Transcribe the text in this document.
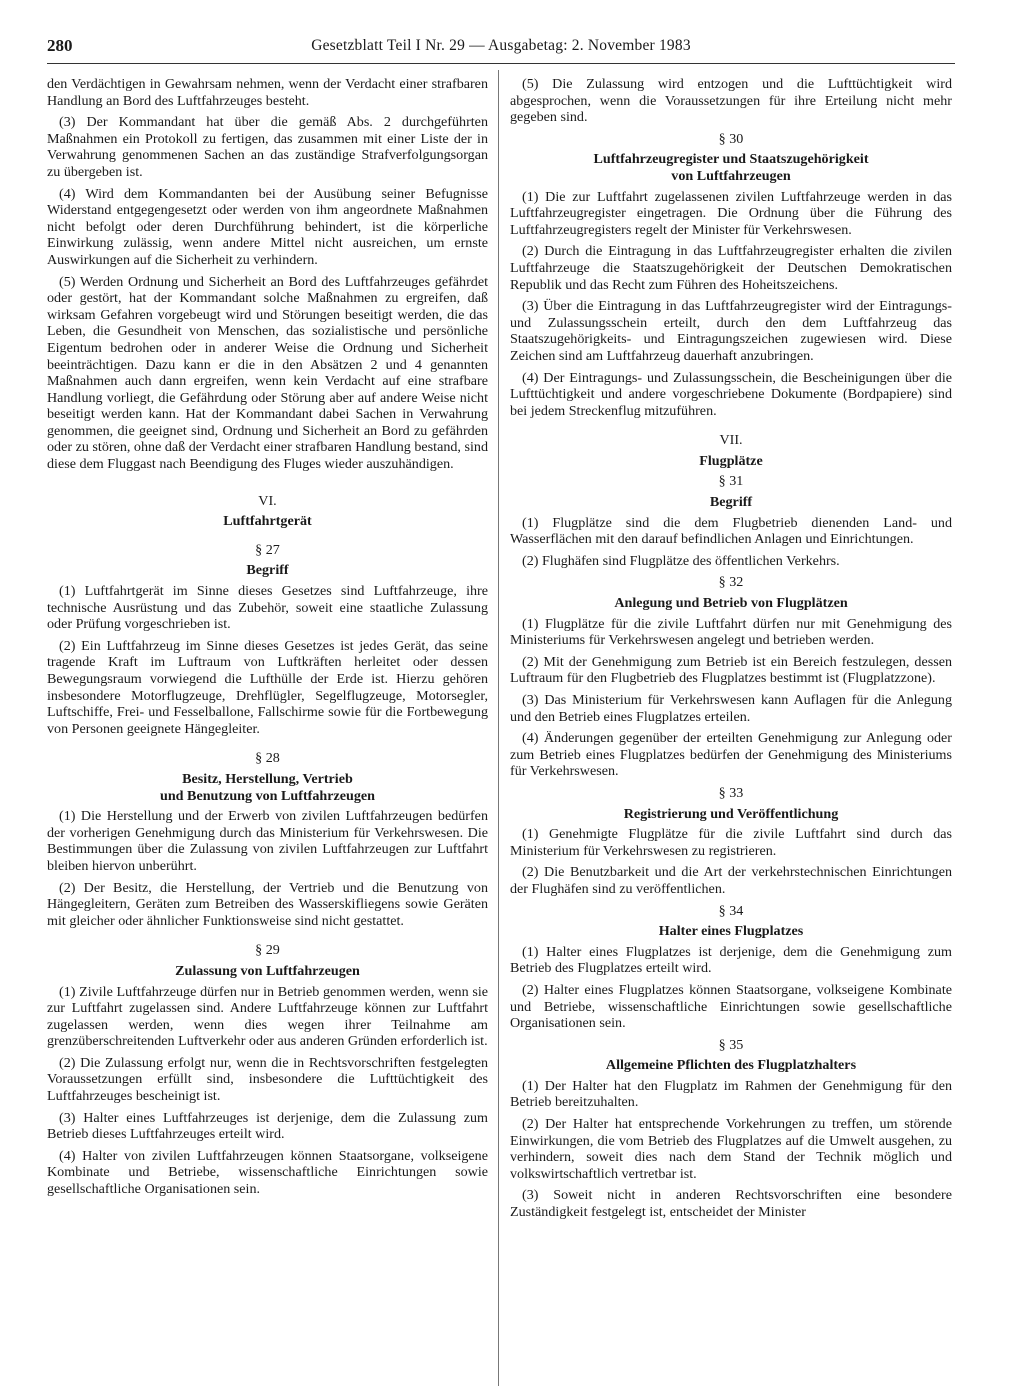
280	Gesetzblatt Teil I Nr. 29 — Ausgabetag: 2. November 1983

den Verdächtigen in Gewahrsam nehmen, wenn der Verdacht einer strafbaren Handlung an Bord des Luftfahrzeuges besteht.

(3) Der Kommandant hat über die gemäß Abs. 2 durchgeführten Maßnahmen ein Protokoll zu fertigen, das zusammen mit einer Liste der in Verwahrung genommenen Sachen an das zuständige Strafverfolgungsorgan zu übergeben ist.

(4) Wird dem Kommandanten bei der Ausübung seiner Befugnisse Widerstand entgegengesetzt oder werden von ihm angeordnete Maßnahmen nicht befolgt oder deren Durchführung behindert, ist die körperliche Einwirkung zulässig, wenn andere Mittel nicht ausreichen, um ernste Auswirkungen auf die Sicherheit zu verhindern.

(5) Werden Ordnung und Sicherheit an Bord des Luftfahrzeuges gefährdet oder gestört, hat der Kommandant solche Maßnahmen zu ergreifen, daß wirksam Gefahren vorgebeugt wird und Störungen beseitigt werden, die das Leben, die Gesundheit von Menschen, das sozialistische und persönliche Eigentum bedrohen oder in anderer Weise die Ordnung und Sicherheit beeinträchtigen. Dazu kann er die in den Absätzen 2 und 4 genannten Maßnahmen auch dann ergreifen, wenn kein Verdacht auf eine strafbare Handlung vorliegt, die Gefährdung oder Störung aber auf andere Weise nicht beseitigt werden kann. Hat der Kommandant dabei Sachen in Verwahrung genommen, die geeignet sind, Ordnung und Sicherheit an Bord zu gefährden oder zu stören, ohne daß der Verdacht einer strafbaren Handlung bestand, sind diese dem Fluggast nach Beendigung des Fluges wieder auszuhändigen.

VI.
Luftfahrtgerät
§ 27
Begriff

(1) Luftfahrtgerät im Sinne dieses Gesetzes sind Luftfahrzeuge, ihre technische Ausrüstung und das Zubehör, soweit eine staatliche Zulassung oder Prüfung vorgeschrieben ist.

(2) Ein Luftfahrzeug im Sinne dieses Gesetzes ist jedes Gerät, das seine tragende Kraft im Luftraum von Luftkräften herleitet oder dessen Bewegungsraum vorwiegend die Lufthülle der Erde ist. Hierzu gehören insbesondere Motorflugzeuge, Drehflügler, Segelflugzeuge, Motorsegler, Luftschiffe, Frei- und Fesselballone, Fallschirme sowie für die Fortbewegung von Personen geeignete Hängegleiter.

§ 28
Besitz, Herstellung, Vertrieb
und Benutzung von Luftfahrzeugen

(1) Die Herstellung und der Erwerb von zivilen Luftfahrzeugen bedürfen der vorherigen Genehmigung durch das Ministerium für Verkehrswesen. Die Bestimmungen über die Zulassung von zivilen Luftfahrzeugen zur Luftfahrt bleiben hiervon unberührt.

(2) Der Besitz, die Herstellung, der Vertrieb und die Benutzung von Hängegleitern, Geräten zum Betreiben des Wasserskifliegens sowie Geräten mit gleicher oder ähnlicher Funktionsweise sind nicht gestattet.

§ 29
Zulassung von Luftfahrzeugen

(1) Zivile Luftfahrzeuge dürfen nur in Betrieb genommen werden, wenn sie zur Luftfahrt zugelassen sind. Andere Luftfahrzeuge können zur Luftfahrt zugelassen werden, wenn dies wegen ihrer Teilnahme am grenzüberschreitenden Luftverkehr oder aus anderen Gründen erforderlich ist.

(2) Die Zulassung erfolgt nur, wenn die in Rechtsvorschriften festgelegten Voraussetzungen erfüllt sind, insbesondere die Lufttüchtigkeit des Luftfahrzeuges bescheinigt ist.

(3) Halter eines Luftfahrzeuges ist derjenige, dem die Zulassung zum Betrieb dieses Luftfahrzeuges erteilt wird.

(4) Halter von zivilen Luftfahrzeugen können Staatsorgane, volkseigene Kombinate und Betriebe, wissenschaftliche Einrichtungen sowie gesellschaftliche Organisationen sein.

(5) Die Zulassung wird entzogen und die Lufttüchtigkeit wird abgesprochen, wenn die Voraussetzungen für ihre Erteilung nicht mehr gegeben sind.

§ 30
Luftfahrzeugregister und Staatszugehörigkeit
von Luftfahrzeugen

(1) Die zur Luftfahrt zugelassenen zivilen Luftfahrzeuge werden in das Luftfahrzeugregister eingetragen. Die Ordnung über die Führung des Luftfahrzeugregisters regelt der Minister für Verkehrswesen.

(2) Durch die Eintragung in das Luftfahrzeugregister erhalten die zivilen Luftfahrzeuge die Staatszugehörigkeit der Deutschen Demokratischen Republik und das Recht zum Führen des Hoheitszeichens.

(3) Über die Eintragung in das Luftfahrzeugregister wird der Eintragungs- und Zulassungsschein erteilt, durch den dem Luftfahrzeug das Staatszugehörigkeits- und Eintragungszeichen zugewiesen wird. Diese Zeichen sind am Luftfahrzeug dauerhaft anzubringen.

(4) Der Eintragungs- und Zulassungsschein, die Bescheinigungen über die Lufttüchtigkeit und andere vorgeschriebene Dokumente (Bordpapiere) sind bei jedem Streckenflug mitzuführen.

VII.
Flugplätze
§ 31
Begriff

(1) Flugplätze sind die dem Flugbetrieb dienenden Land- und Wasserflächen mit den darauf befindlichen Anlagen und Einrichtungen.

(2) Flughäfen sind Flugplätze des öffentlichen Verkehrs.

§ 32
Anlegung und Betrieb von Flugplätzen

(1) Flugplätze für die zivile Luftfahrt dürfen nur mit Genehmigung des Ministeriums für Verkehrswesen angelegt und betrieben werden.

(2) Mit der Genehmigung zum Betrieb ist ein Bereich festzulegen, dessen Luftraum für den Flugbetrieb des Flugplatzes bestimmt ist (Flugplatzzone).

(3) Das Ministerium für Verkehrswesen kann Auflagen für die Anlegung und den Betrieb eines Flugplatzes erteilen.

(4) Änderungen gegenüber der erteilten Genehmigung zur Anlegung oder zum Betrieb eines Flugplatzes bedürfen der Genehmigung des Ministeriums für Verkehrswesen.

§ 33
Registrierung und Veröffentlichung

(1) Genehmigte Flugplätze für die zivile Luftfahrt sind durch das Ministerium für Verkehrswesen zu registrieren.

(2) Die Benutzbarkeit und die Art der verkehrstechnischen Einrichtungen der Flughäfen sind zu veröffentlichen.

§ 34
Halter eines Flugplatzes

(1) Halter eines Flugplatzes ist derjenige, dem die Genehmigung zum Betrieb des Flugplatzes erteilt wird.

(2) Halter eines Flugplatzes können Staatsorgane, volkseigene Kombinate und Betriebe, wissenschaftliche Einrichtungen sowie gesellschaftliche Organisationen sein.

§ 35
Allgemeine Pflichten des Flugplatzhalters

(1) Der Halter hat den Flugplatz im Rahmen der Genehmigung für den Betrieb bereitzuhalten.

(2) Der Halter hat entsprechende Vorkehrungen zu treffen, um störende Einwirkungen, die vom Betrieb des Flugplatzes auf die Umwelt ausgehen, zu verhindern, soweit dies nach dem Stand der Technik möglich und volkswirtschaftlich vertretbar ist.

(3) Soweit nicht in anderen Rechtsvorschriften eine besondere Zuständigkeit festgelegt ist, entscheidet der Minister
